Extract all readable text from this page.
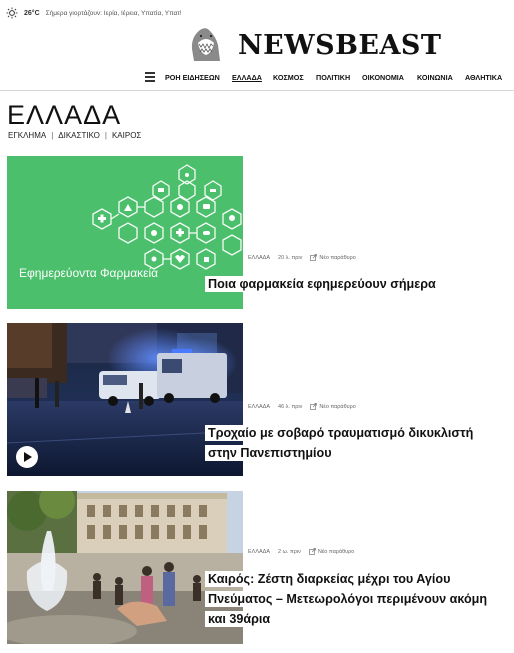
26°C Σήμερα γιορτάζουν: Ιερία, Ιέρεια, Υπατία, Υπατ!
NEWSBEAST
ΡΟΗ ΕΙΔΗΣΕΩΝ ΕΛΛΑΔΑ ΚΟΣΜΟΣ ΠΟΛΙΤΙΚΗ ΟΙΚΟΝΟΜΙΑ ΚΟΙΝΩΝΙΑ ΑΘΛΗΤΙΚΑ
ΕΛΛΑΔΑ
ΕΓΚΛΗΜΑ | ΔΙΚΑΣΤΙΚΟ | ΚΑΙΡΟΣ
Εφημερεύοντα Φαρμακεία
ΕΛΛΑΔΑ 20 λ. πριν	Νέο παράθυρο
Ποια φαρμακεία εφημερεύουν σήμερα
ΕΛΛΑΔΑ 46 λ. πριν	Νέο παράθυρο
Τροχαίο με σοβαρό τραυματισμό δικυκλιστή στην Πανεπιστημίου
ΕΛΛΑΔΑ 2 ω. πριν	Νέο παράθυρο
Καιρός: Ζέστη διαρκείας μέχρι του Αγίου Πνεύματος – Μετεωρολόγοι περιμένουν ακόμη και 39άρια
